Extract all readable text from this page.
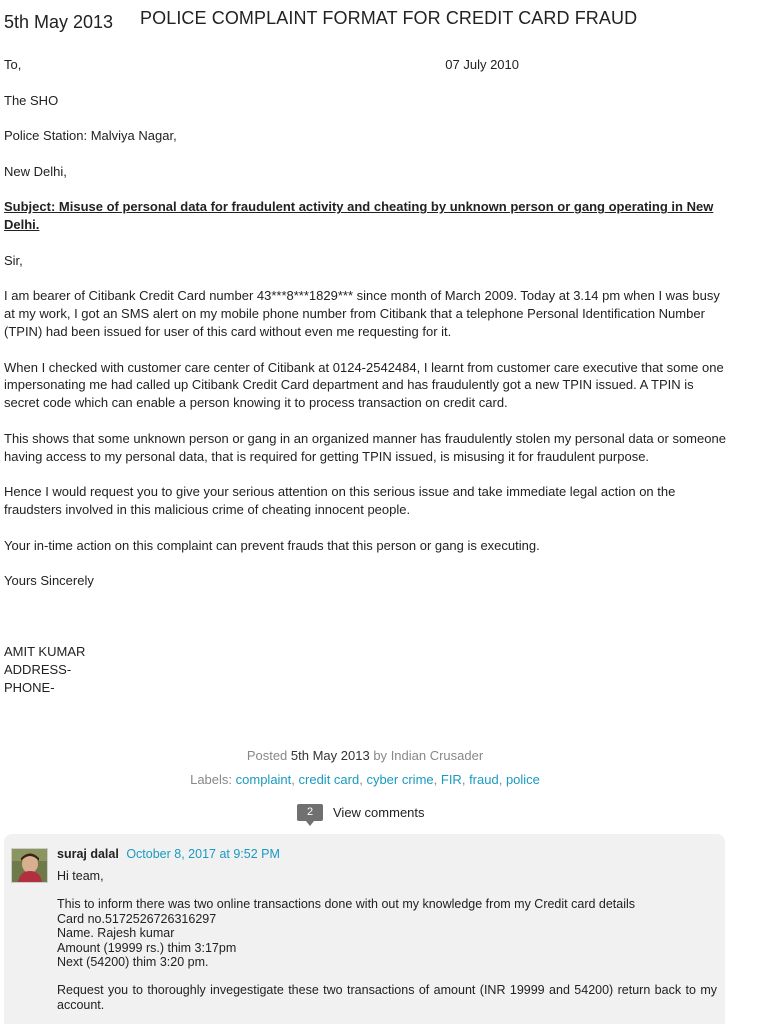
5th May 2013 POLICE COMPLAINT FORMAT FOR CREDIT CARD FRAUD
To,	07 July 2010

The SHO

Police Station: Malviya Nagar,

New Delhi,

Subject: Misuse of personal data for fraudulent activity and cheating by unknown person or gang operating in New Delhi.

Sir,

I am bearer of Citibank Credit Card number 43***8***1829*** since month of March 2009. Today at 3.14 pm when I was busy at my work, I got an SMS alert on my mobile phone number from Citibank that a telephone Personal Identification Number (TPIN) had been issued for user of this card without even me requesting for it.

When I checked with customer care center of Citibank at 0124-2542484, I learnt from customer care executive that some one impersonating me had called up Citibank Credit Card department and has fraudulently got a new TPIN issued. A TPIN is secret code which can enable a person knowing it to process transaction on credit card.

This shows that some unknown person or gang in an organized manner has fraudulently stolen my personal data or someone having access to my personal data, that is required for getting TPIN issued, is misusing it for fraudulent purpose.

Hence I would request you to give your serious attention on this serious issue and take immediate legal action on the fraudsters involved in this malicious crime of cheating innocent people.

Your in-time action on this complaint can prevent frauds that this person or gang is executing.

Yours Sincerely

AMIT KUMAR

ADDRESS-

PHONE-

Posted 5th May 2013 by Indian Crusader
Labels: complaint, credit card, cyber crime, FIR, fraud, police
2	View comments
suraj dalal October 8, 2017 at 9:52 PM
Hi team,
This to inform there was two online transactions done with out my knowledge from my Credit card details
Card no.5172526726316297
Name. Rajesh kumar
Amount (19999 rs.) thim 3:17pm
Next (54200) thim 3:20 pm.
Request you to thoroughly invegestigate these two transactions of amount (INR 19999 and 54200) return back to my account.
